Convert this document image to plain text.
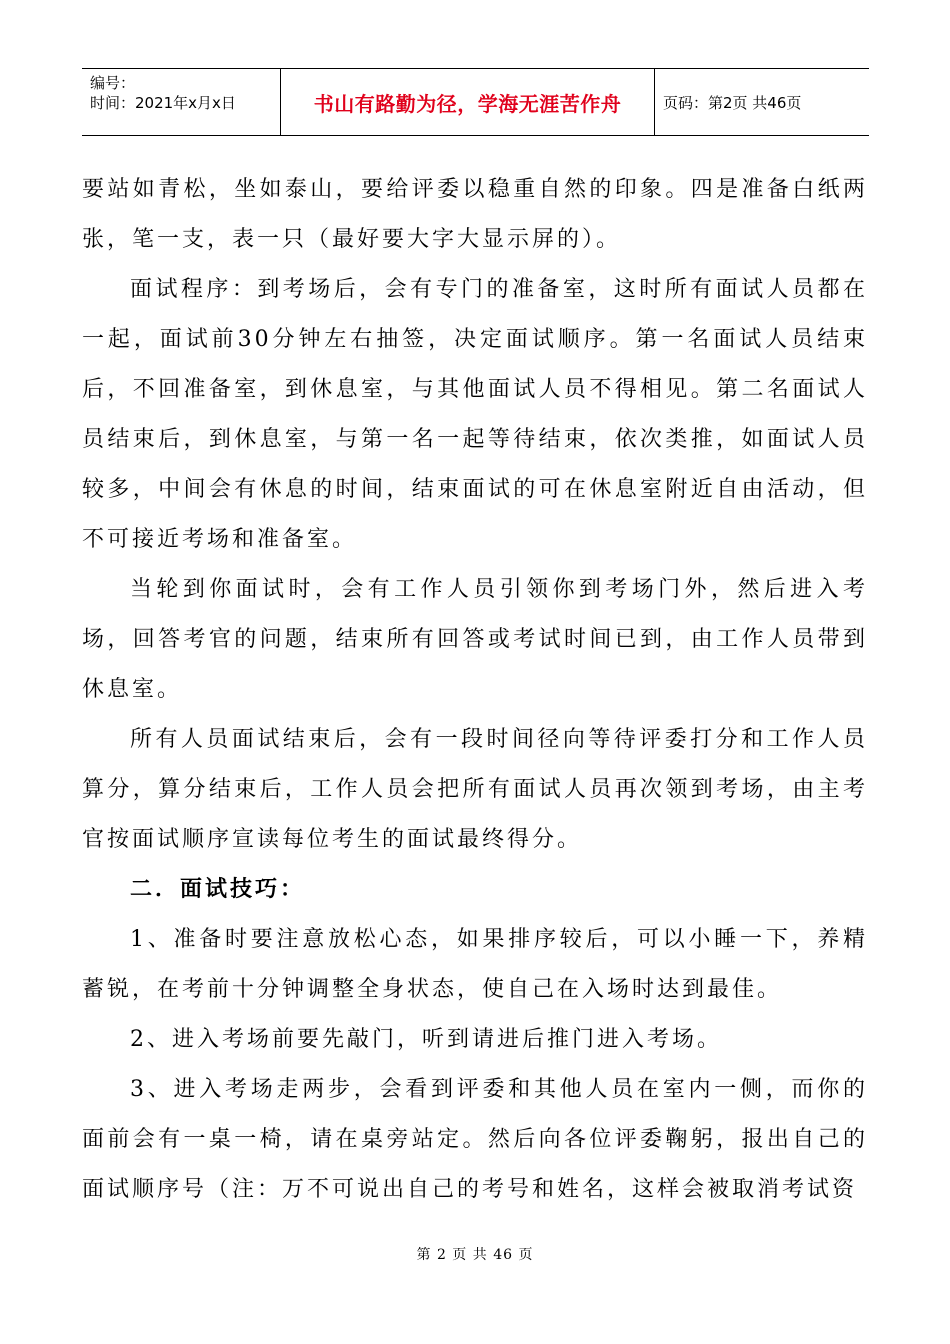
编号：
时间：2021年x月x日	书山有路勤为径，学海无涯苦作舟	页码：第2页 共46页

要站如青松，坐如泰山，要给评委以稳重自然的印象。四是准备白纸两张，笔一支，表一只（最好要大字大显示屏的）。

面试程序：到考场后，会有专门的准备室，这时所有面试人员都在一起，面试前30分钟左右抽签，决定面试顺序。第一名面试人员结束后，不回准备室，到休息室，与其他面试人员不得相见。第二名面试人员结束后，到休息室，与第一名一起等待结束，依次类推，如面试人员较多，中间会有休息的时间，结束面试的可在休息室附近自由活动，但不可接近考场和准备室。

当轮到你面试时，会有工作人员引领你到考场门外，然后进入考场，回答考官的问题，结束所有回答或考试时间已到，由工作人员带到休息室。

所有人员面试结束后，会有一段时间径向等待评委打分和工作人员算分，算分结束后，工作人员会把所有面试人员再次领到考场，由主考官按面试顺序宣读每位考生的面试最终得分。

二．面试技巧：

1、准备时要注意放松心态，如果排序较后，可以小睡一下，养精蓄锐，在考前十分钟调整全身状态，使自己在入场时达到最佳。

2、进入考场前要先敲门，听到请进后推门进入考场。

3、进入考场走两步，会看到评委和其他人员在室内一侧，而你的面前会有一桌一椅，请在桌旁站定。然后向各位评委鞠躬，报出自己的面试顺序号（注：万不可说出自己的考号和姓名，这样会被取消考试资

第 2 页 共 46 页
